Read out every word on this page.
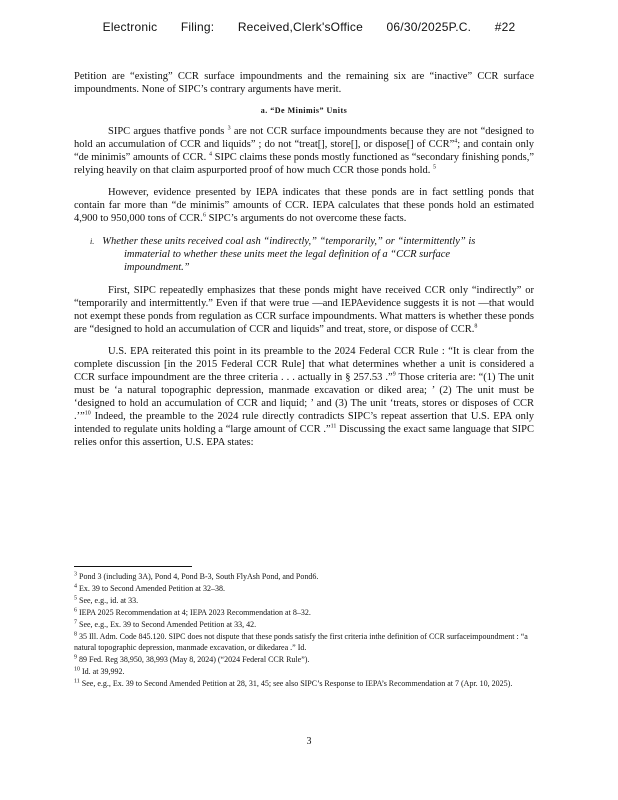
Electronic Filing: Received,Clerk'sOffice 06/30/2025P.C. #22

Petition are “existing” CCR surface impoundments and the remaining six are “inactive” CCR surface impoundments. None of SIPC’s contrary arguments have merit.

a. “De Minimis” Units

SIPC argues thatfive ponds $^3$ are not CCR surface impoundments because they are not “designed to hold an accumulation of CCR and liquids” ; do not “treat[], store[], or dispose[] of CCR”$^4$; and contain only “de minimis” amounts of CCR. $^4$ SIPC claims these ponds mostly functioned as “secondary finishing ponds,” relying heavily on that claim aspurported proof of how much CCR those ponds hold. $^5$

However, evidence presented by IEPA indicates that these ponds are in fact settling ponds that contain far more than “de minimis” amounts of CCR. IEPA calculates that these ponds hold an estimated 4,900 to 950,000 tons of CCR.$^6$ SIPC’s arguments do not overcome these facts.

i. Whether these units received coal ash “indirectly,” “temporarily,” or “intermittently” is
immaterial to whether these units meet the legal definition of a “CCR surface
impoundment.”

First, SIPC repeatedly emphasizes that these ponds might have received CCR only “indirectly” or “temporarily and intermittently.” Even if that were true —and IEPAevidence suggests it is not —that would not exempt these ponds from regulation as CCR surface impoundments. What matters is whether these ponds are “designed to hold an accumulation of CCR and liquids” and treat, store, or dispose of CCR.$^8$

U.S. EPA reiterated this point in its preamble to the 2024 Federal CCR Rule : “It is clear from the complete discussion [in the 2015 Federal CCR Rule] that what determines whether a unit is considered a CCR surface impoundment are the three criteria . . . actually in § 257.53 .”$^9$ Those criteria are: “(1) The unit must be ‘a natural topographic depression, manmade excavation or diked area; ’ (2) The unit must be ‘designed to hold an accumulation of CCR and liquid; ’ and (3) The unit ‘treats, stores or disposes of CCR .’”$^{10}$ Indeed, the preamble to the 2024 rule directly contradicts SIPC’s repeat assertion that U.S. EPA only intended to regulate units holding a “large amount of CCR .”$^{11}$ Discussing the exact same language that SIPC relies onfor this assertion, U.S. EPA states:

$^3$ Pond 3 (including 3A), Pond 4, Pond B-3, South FlyAsh Pond, and Pond6.

$^4$ Ex. 39 to Second Amended Petition at 32–38.

$^5$ See, e.g., id. at 33.

$^6$ IEPA 2025 Recommendation at 4; IEPA 2023 Recommendation at 8–32.

$^7$ See, e.g., Ex. 39 to Second Amended Petition at 33, 42.

$^8$ 35 Ill. Adm. Code 845.120. SIPC does not dispute that these ponds satisfy the first criteria inthe definition of CCR surfaceimpoundment : “a natural topographic depression, manmade excavation, or dikedarea .” Id.

$^9$ 89 Fed. Reg 38,950, 38,993 (May 8, 2024) (“2024 Federal CCR Rule”).

$^{10}$ Id. at 39,992.

$^{11}$ See, e.g., Ex. 39 to Second Amended Petition at 28, 31, 45; see also SIPC’s Response to IEPA’s Recommendation at 7 (Apr. 10, 2025).

3
